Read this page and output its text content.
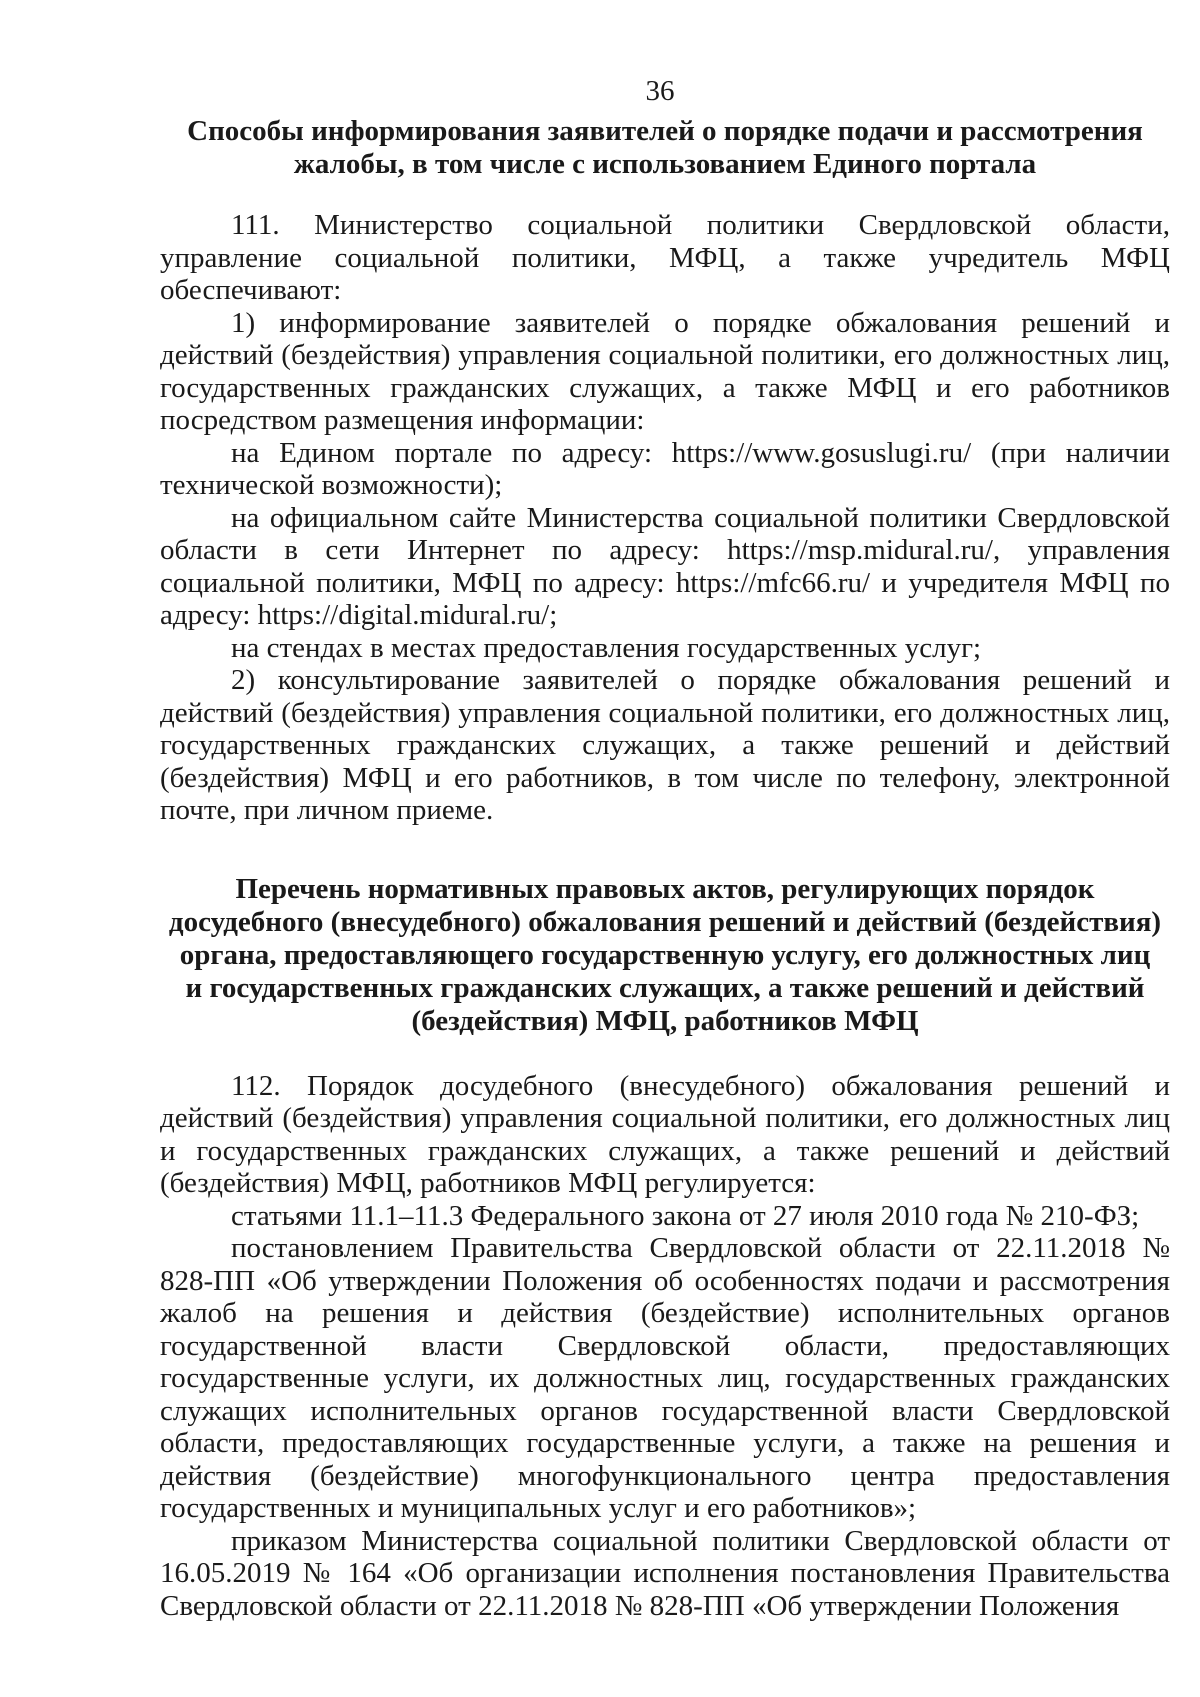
36
Способы информирования заявителей о порядке подачи и рассмотрения
жалобы, в том числе с использованием Единого портала

111. Министерство социальной политики Свердловской области, управление социальной политики, МФЦ, а также учредитель МФЦ обеспечивают:

1) информирование заявителей о порядке обжалования решений и действий (бездействия) управления социальной политики, его должностных лиц, государственных гражданских служащих, а также МФЦ и его работников посредством размещения информации:

на Едином портале по адресу: https://www.gosuslugi.ru/ (при наличии технической возможности);

на официальном сайте Министерства социальной политики Свердловской области в сети Интернет по адресу: https://msp.midural.ru/, управления социальной политики, МФЦ по адресу: https://mfc66.ru/ и учредителя МФЦ по адресу: https://digital.midural.ru/;

на стендах в местах предоставления государственных услуг;

2) консультирование заявителей о порядке обжалования решений и действий (бездействия) управления социальной политики, его должностных лиц, государственных гражданских служащих, а также решений и действий (бездействия) МФЦ и его работников, в том числе по телефону, электронной почте, при личном приеме.

Перечень нормативных правовых актов, регулирующих порядок
досудебного (внесудебного) обжалования решений и действий (бездействия)
органа, предоставляющего государственную услугу, его должностных лиц
и государственных гражданских служащих, а также решений и действий
(бездействия) МФЦ, работников МФЦ

112. Порядок досудебного (внесудебного) обжалования решений и действий (бездействия) управления социальной политики, его должностных лиц и государственных гражданских служащих, а также решений и действий (бездействия) МФЦ, работников МФЦ регулируется:

статьями 11.1–11.3 Федерального закона от 27 июля 2010 года № 210-ФЗ;

постановлением Правительства Свердловской области от 22.11.2018 № 828-ПП «Об утверждении Положения об особенностях подачи и рассмотрения жалоб на решения и действия (бездействие) исполнительных органов государственной власти Свердловской области, предоставляющих государственные услуги, их должностных лиц, государственных гражданских служащих исполнительных органов государственной власти Свердловской области, предоставляющих государственные услуги, а также на решения и действия (бездействие) многофункционального центра предоставления государственных и муниципальных услуг и его работников»;

приказом Министерства социальной политики Свердловской области от 16.05.2019 № 164 «Об организации исполнения постановления Правительства Свердловской области от 22.11.2018 № 828-ПП «Об утверждении Положения
